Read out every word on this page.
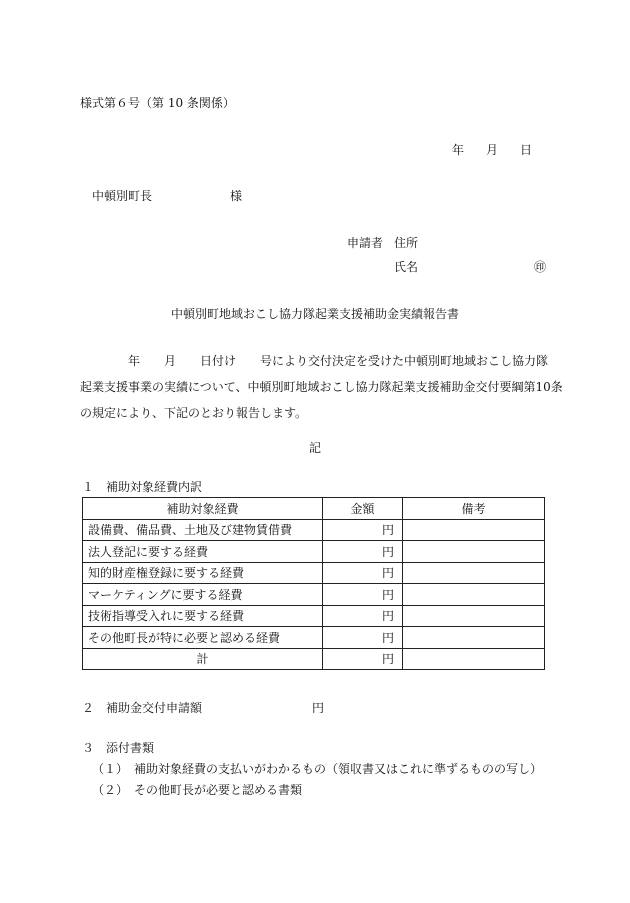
様式第６号（第 10 条関係）
年 月 日
中頓別町長	様
申請者 住所
氏名	㊞
中頓別町地域おこし協力隊起業支援補助金実績報告書
　　　　年　　月　　日付け　　号により交付決定を受けた中頓別町地域おこし協力隊
起業支援事業の実績について、中頓別町地域おこし協力隊起業支援補助金交付要綱第10条
の規定により、下記のとおり報告します。
記
１　補助対象経費内訳
補助対象経費	金額	備考
設備費、備品費、土地及び建物賃借費	円	
法人登記に要する経費	円	
知的財産権登録に要する経費	円	
マーケティングに要する経費	円	
技術指導受入れに要する経費	円	
その他町長が特に必要と認める経費	円	
計	円	
２　補助金交付申請額	円
３　添付書類
（１）　補助対象経費の支払いがわかるもの（領収書又はこれに準ずるものの写し）
（２）　その他町長が必要と認める書類
